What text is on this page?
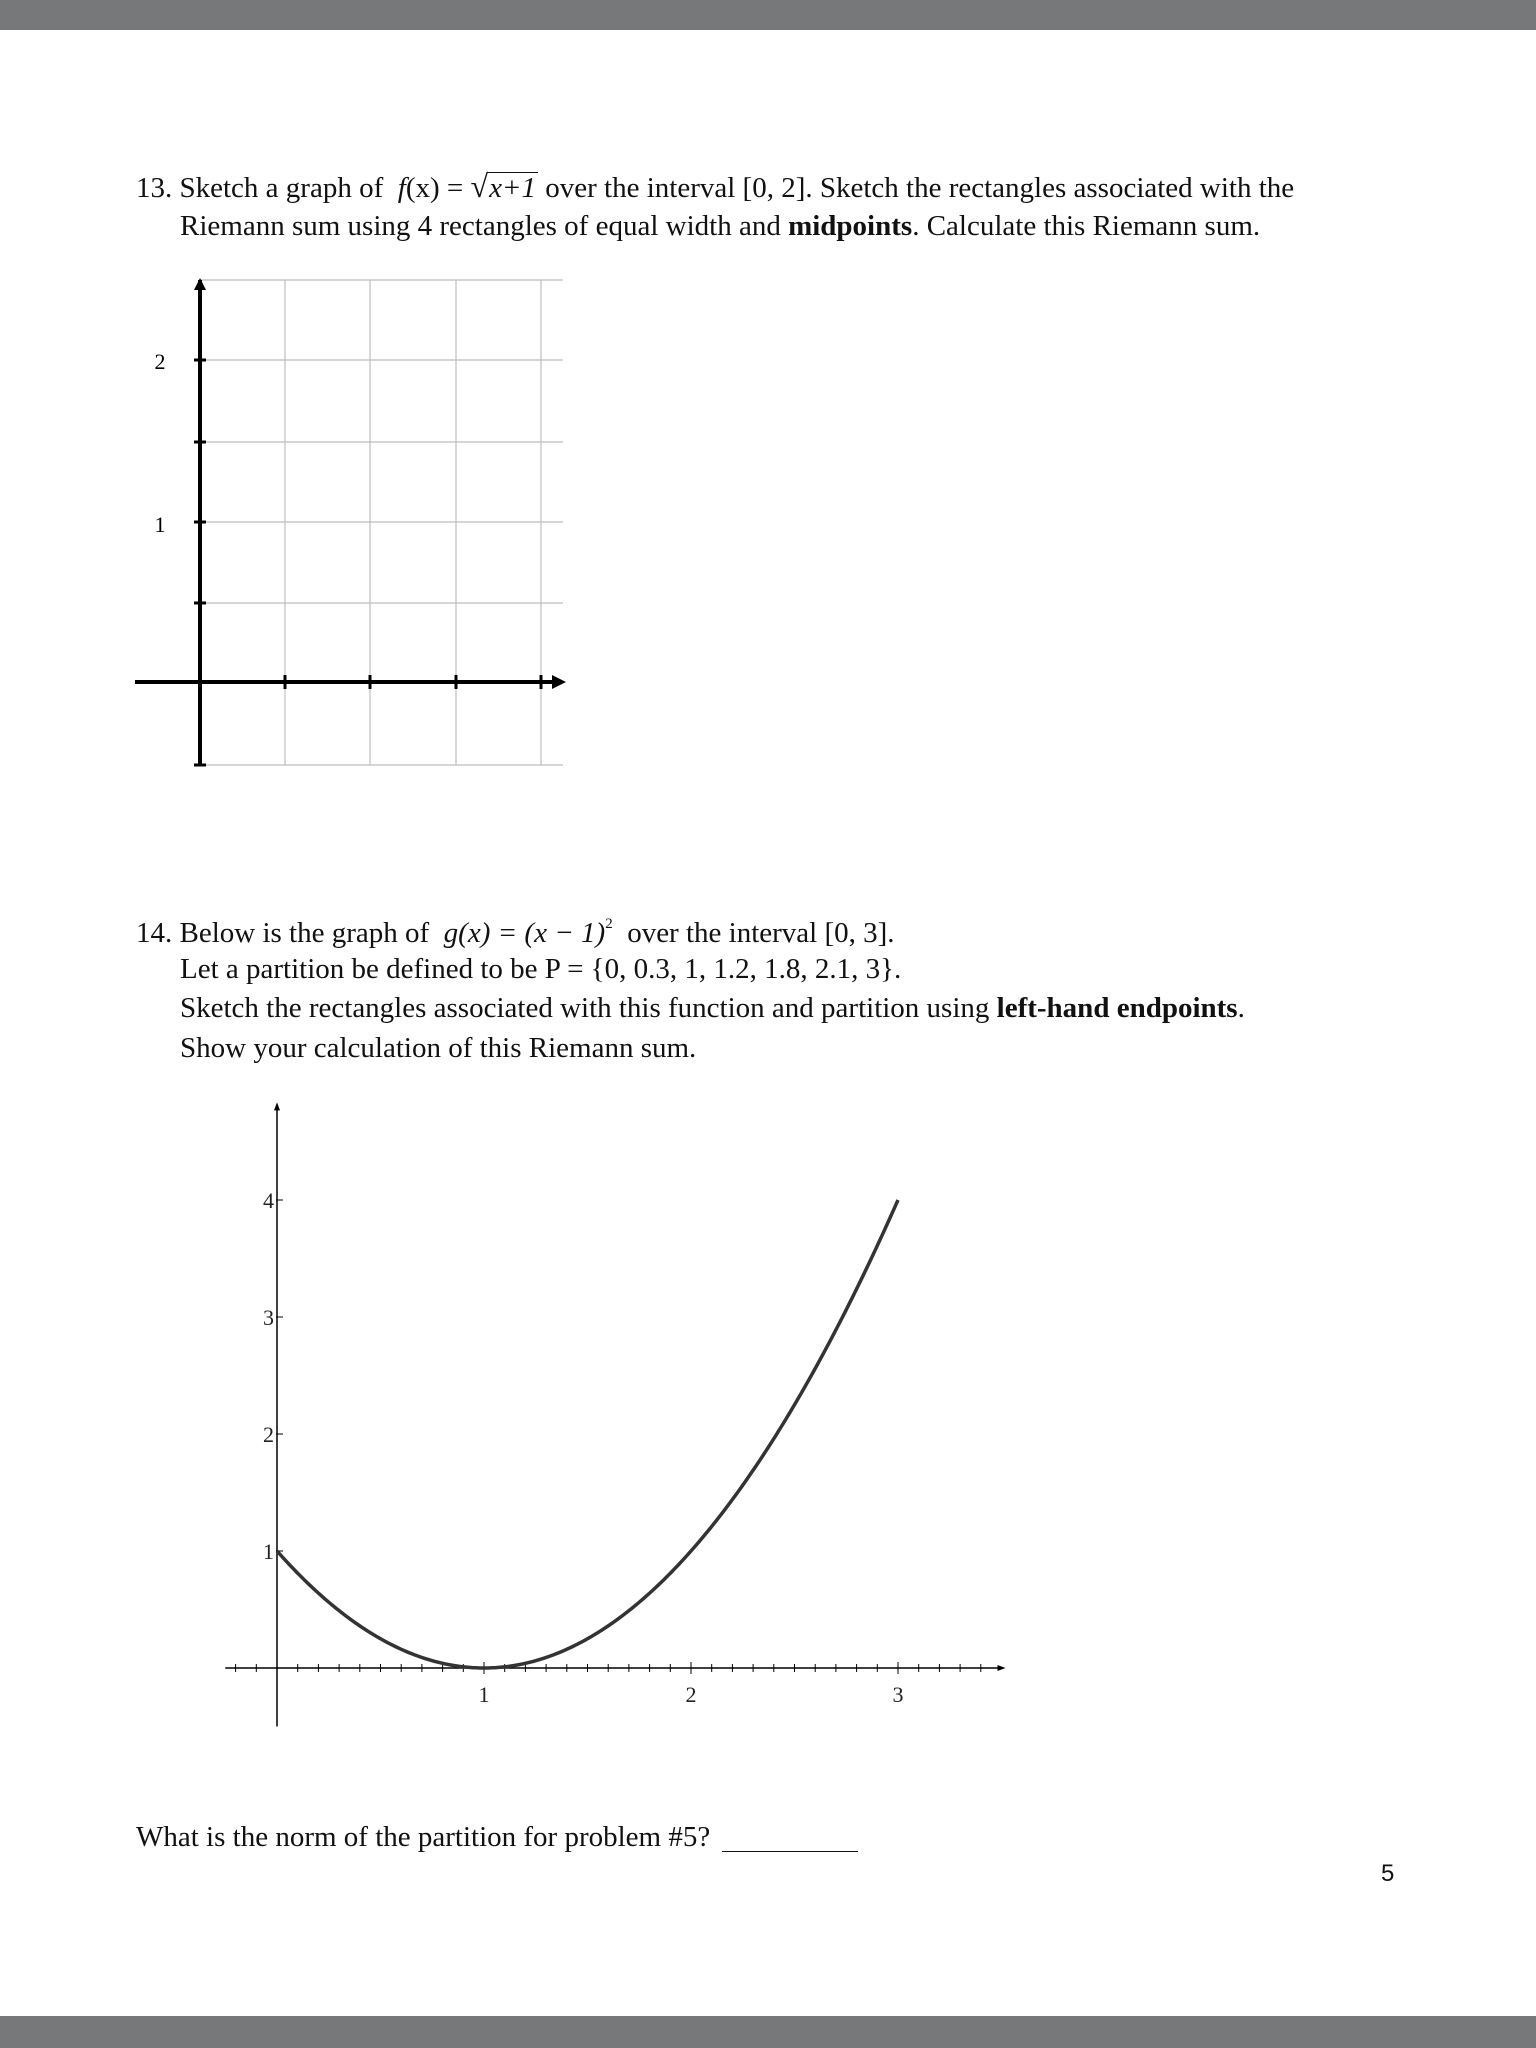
13. Sketch a graph of f(x) = √x+1 over the interval [0, 2]. Sketch the rectangles associated with the
Riemann sum using 4 rectangles of equal width and midpoints. Calculate this Riemann sum.
2
1
14. Below is the graph of $g(x) = (x - 1)^2$ over the interval [0, 3].
Let a partition be defined to be P = {0, 0.3, 1, 1.2, 1.8, 2.1, 3}.
Sketch the rectangles associated with this function and partition using left-hand endpoints.
Show your calculation of this Riemann sum.
1	2	3
4
3
2
1
What is the norm of the partition for problem #5?
5
